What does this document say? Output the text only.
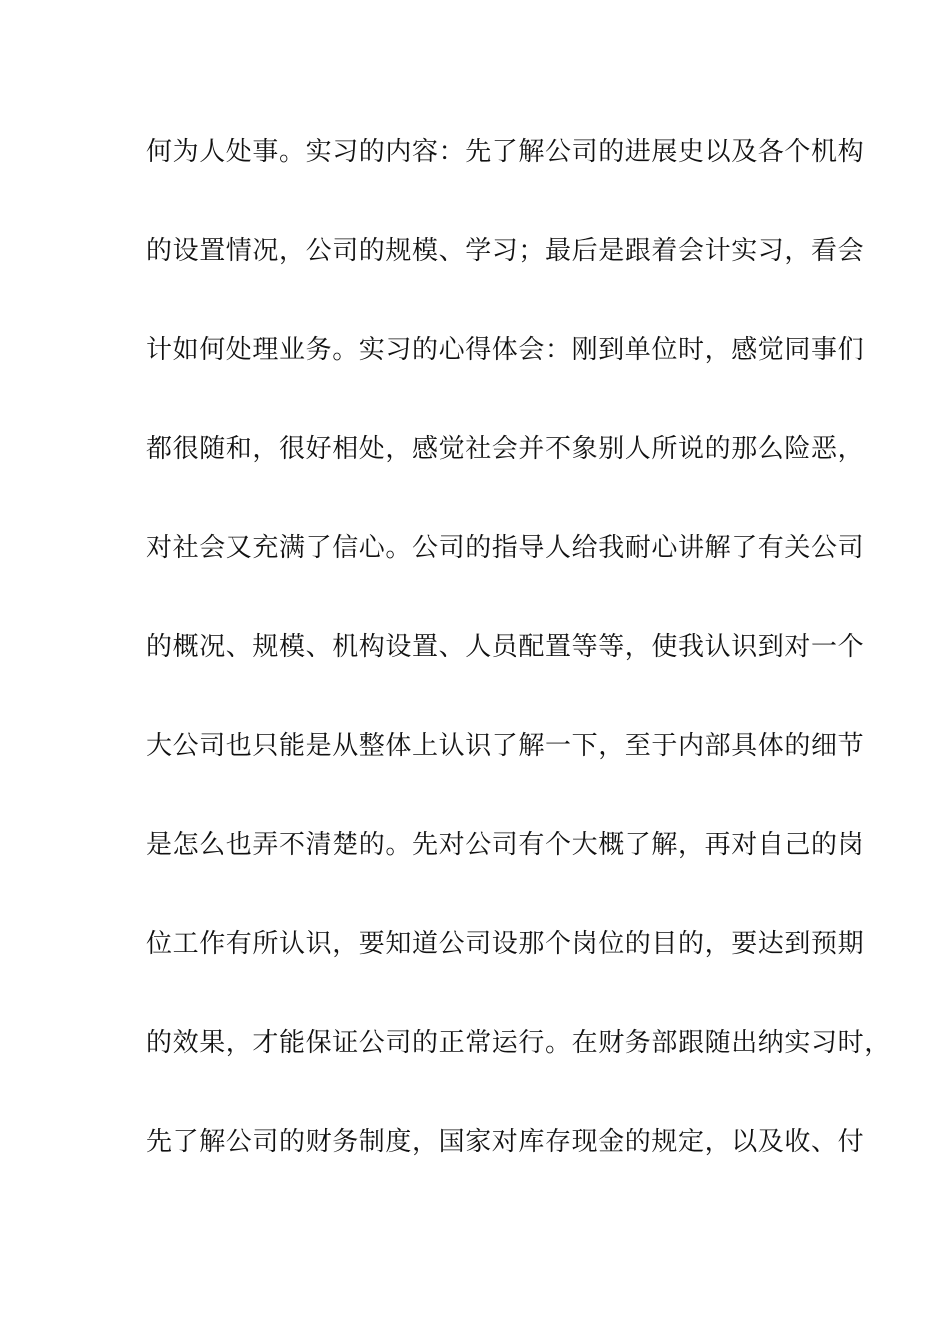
何为人处事。实习的内容：先了解公司的进展史以及各个机构
的设置情况，公司的规模、学习；最后是跟着会计实习，看会
计如何处理业务。实习的心得体会：刚到单位时，感觉同事们
都很随和，很好相处，感觉社会并不象别人所说的那么险恶，
对社会又充满了信心。公司的指导人给我耐心讲解了有关公司
的概况、规模、机构设置、人员配置等等，使我认识到对一个
大公司也只能是从整体上认识了解一下，至于内部具体的细节
是怎么也弄不清楚的。先对公司有个大概了解，再对自己的岗
位工作有所认识，要知道公司设那个岗位的目的，要达到预期
的效果，才能保证公司的正常运行。在财务部跟随出纳实习时，
先了解公司的财务制度，国家对库存现金的规定，以及收、付
